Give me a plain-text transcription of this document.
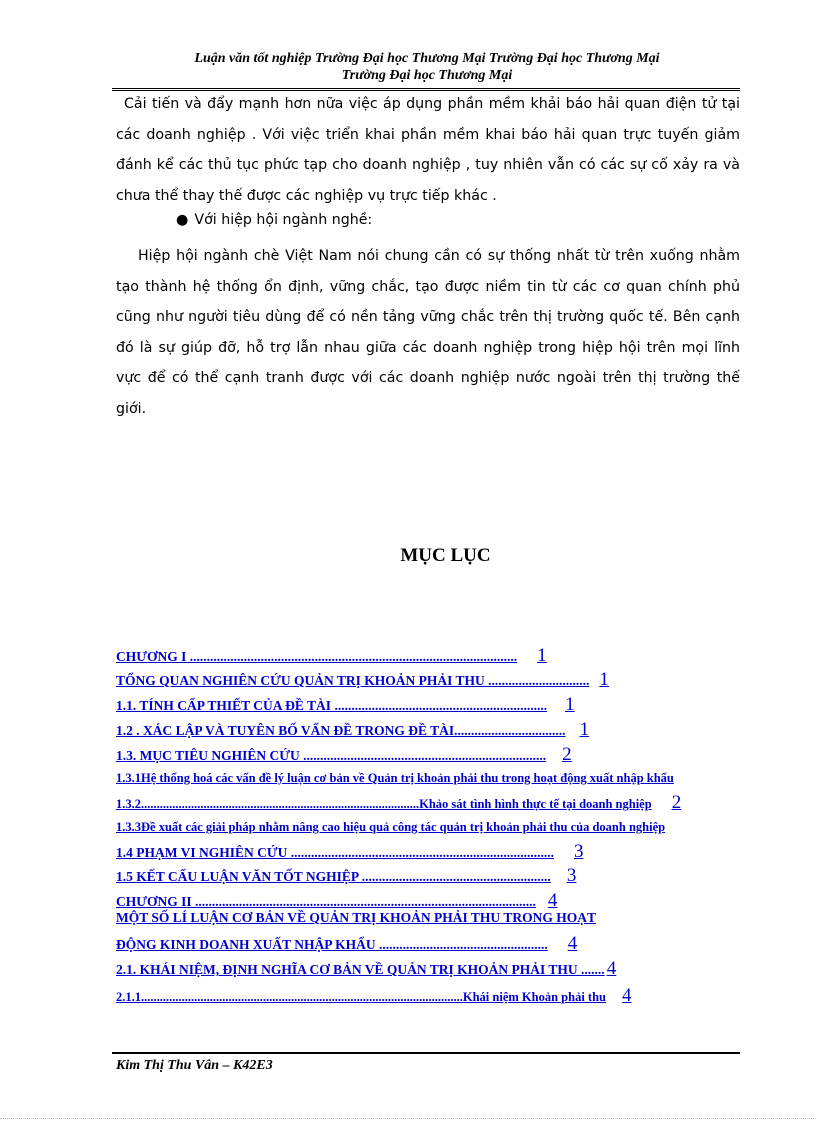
Luận văn tốt nghiệp Trường Đại học Thương Mại Trường Đại học Thương Mại
Trường Đại học Thương Mại
Cải tiến và đẩy mạnh hơn nữa việc áp dụng phần mềm khải báo hải quan điện tử tại các doanh nghiệp . Với việc triển khai phần mềm khai báo hải quan trực tuyến giảm đánh kể các thủ tục phức tạp cho doanh nghiệp , tuy nhiên vẫn có các sự cố xảy ra và chưa thể thay thế được các nghiệp vụ trực tiếp khác .
● Với hiệp hội ngành nghề:
Hiệp hội ngành chè Việt Nam nói chung cần có sự thống nhất từ trên xuống nhằm tạo thành hệ thống ổn định, vững chắc, tạo được niềm tin từ các cơ quan chính phủ cũng như người tiêu dùng để có nền tảng vững chắc trên thị trường quốc tế. Bên cạnh đó là sự giúp đỡ, hỗ trợ lẫn nhau giữa các doanh nghiệp trong hiệp hội trên mọi lĩnh vực để có thể cạnh tranh được với các doanh nghiệp nước ngoài trên thị trường thế giới.
MỤC LỤC
CHƯƠNG I ................................................................................................. 1
TỔNG QUAN NGHIÊN CỨU QUẢN TRỊ KHOẢN PHẢI THU .............................. 1
1.1. TÍNH CẤP THIẾT CỦA ĐỀ TÀI ............................................................... 1
1.2 . XÁC LẬP VÀ TUYÊN BỐ VẤN ĐỀ TRONG ĐỀ TÀI................................. 1
1.3. MỤC TIÊU NGHIÊN CỨU ........................................................................ 2
1.3.1Hệ thống hoá các vấn đề lý luận cơ bản về Quản trị khoản phải thu trong hoạt động xuất nhập khẩu
1.3.2.........................................................................................Khảo sát tình hình thực tế tại doanh nghiệp 2
1.3.3Đề xuất các giải pháp nhằm nâng cao hiệu quả công tác quản trị khoản phải thu của doanh nghiệp
1.4 PHẠM VI NGHIÊN CỨU .............................................................................. 3
1.5 KẾT CẤU LUẬN VĂN TỐT NGHIỆP ........................................................ 3
CHƯƠNG II ..................................................................................................... 4
MỘT SỐ LÍ LUẬN CƠ BẢN VỀ QUẢN TRỊ KHOẢN PHẢI THU TRONG HOẠT
ĐỘNG KINH DOANH XUẤT NHẬP KHẨU .................................................. 4
2.1. KHÁI NIỆM, ĐỊNH NGHĨA CƠ BẢN VỀ QUẢN TRỊ KHOẢN PHẢI THU ....... 4
2.1.1.......................................................................................................Khái niệm Khoản phải thu 4
Kim Thị Thu Vân – K42E3
